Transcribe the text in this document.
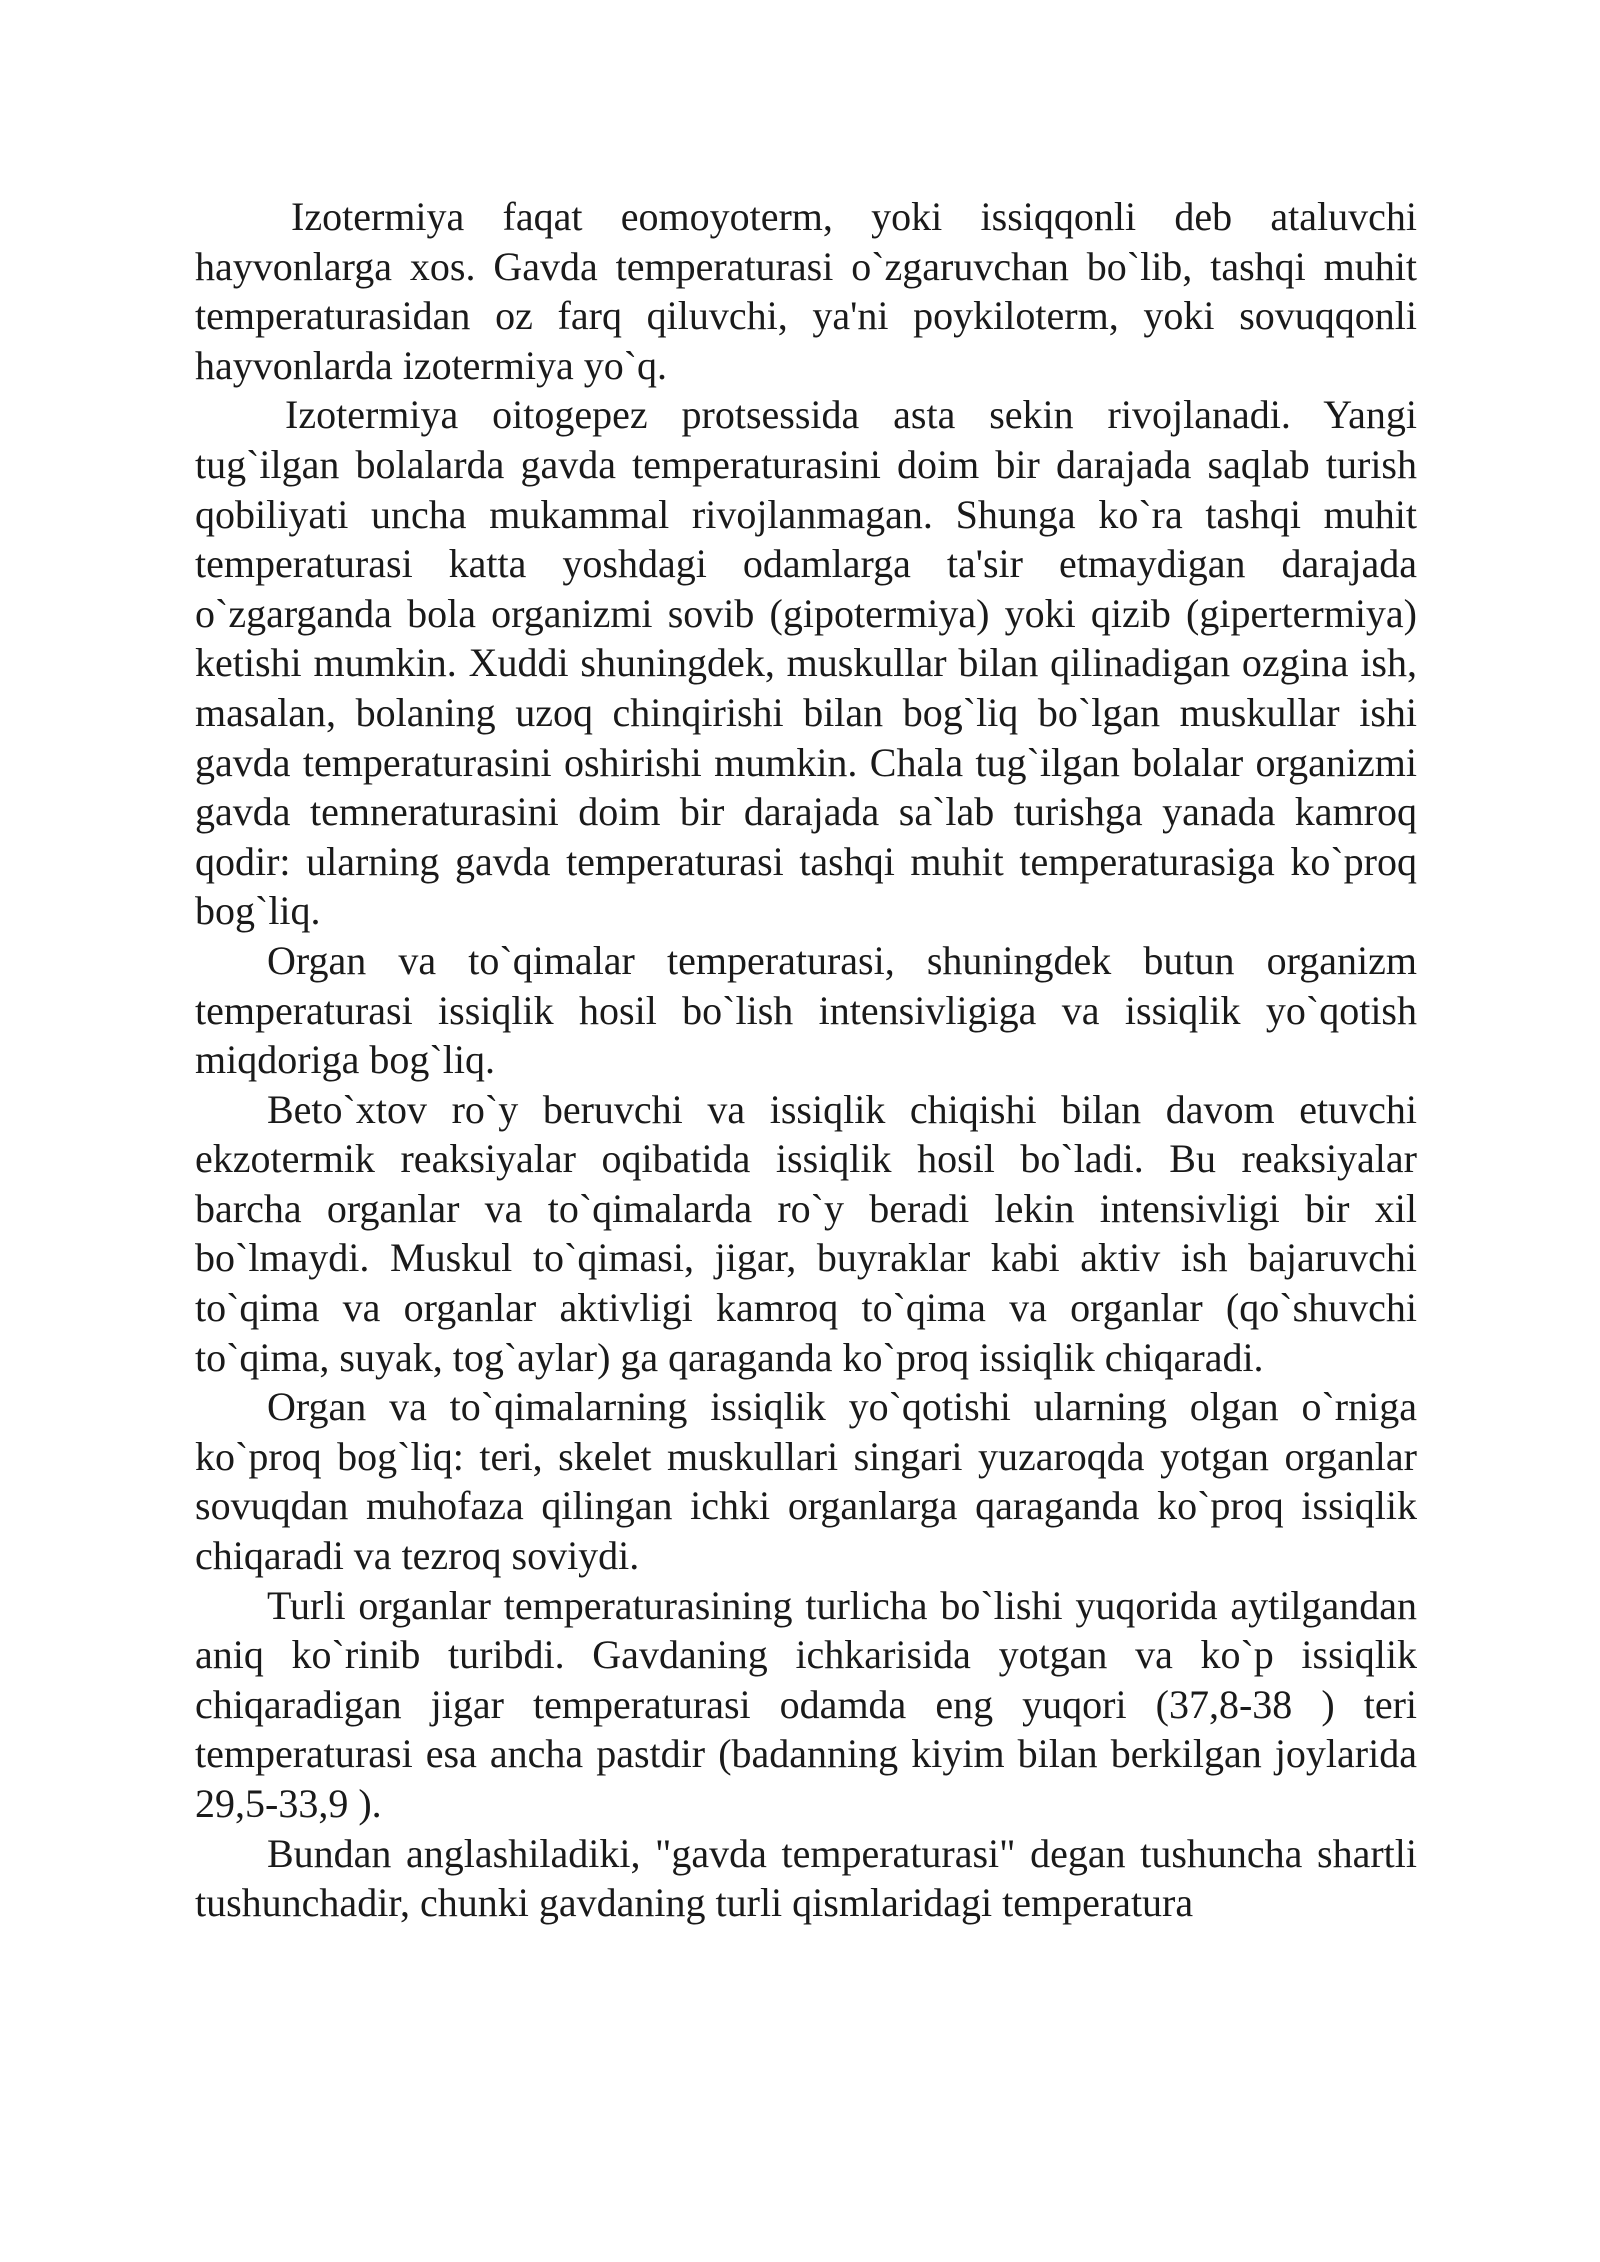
Izotermiya faqat eomoyoterm, yoki issiqqonli deb ataluvchi hayvonlarga xos. Gavda temperaturasi o`zgaruvchan bo`lib, tashqi muhit temperaturasidan oz farq qiluvchi, ya'ni poykiloterm, yoki sovuqqonli hayvonlarda izotermiya yo`q.

Izotermiya oitogepez protsessida asta sekin rivojlanadi. Yangi tug`ilgan bolalarda gavda temperaturasini doim bir darajada saqlab turish qobiliyati uncha mukammal rivojlanmagan. Shunga ko`ra tashqi muhit temperaturasi katta yoshdagi odamlarga ta'sir etmaydigan darajada o`zgarganda bola organizmi sovib (gipotermiya) yoki qizib (gipertermiya) ketishi mumkin. Xuddi shuningdek, muskullar bilan qilinadigan ozgina ish, masalan, bolaning uzoq chinqirishi bilan bog`liq bo`lgan muskullar ishi gavda temperaturasini oshirishi mumkin. Chala tug`ilgan bolalar organizmi gavda temneraturasini doim bir darajada sa`lab turishga yanada kamroq qodir: ularning gavda temperaturasi tashqi muhit temperaturasiga ko`proq bog`liq.

Organ va to`qimalar temperaturasi, shuningdek butun organizm temperaturasi issiqlik hosil bo`lish intensivligiga va issiqlik yo`qotish miqdoriga bog`liq.

Beto`xtov ro`y beruvchi va issiqlik chiqishi bilan davom etuvchi ekzotermik reaksiyalar oqibatida issiqlik hosil bo`ladi. Bu reaksiyalar barcha organlar va to`qimalarda ro`y beradi lekin intensivligi bir xil bo`lmaydi. Muskul to`qimasi, jigar, buyraklar kabi aktiv ish bajaruvchi to`qima va organlar aktivligi kamroq to`qima va organlar (qo`shuvchi to`qima, suyak, tog`aylar) ga qaraganda ko`proq issiqlik chiqaradi.

Organ va to`qimalarning issiqlik yo`qotishi ularning olgan o`rniga ko`proq bog`liq: teri, skelet muskullari singari yuzaroqda yotgan organlar sovuqdan muhofaza qilingan ichki organlarga qaraganda ko`proq issiqlik chiqaradi va tezroq soviydi.

Turli organlar temperaturasining turlicha bo`lishi yuqorida aytilgandan aniq ko`rinib turibdi. Gavdaning ichkarisida yotgan va ko`p issiqlik chiqaradigan jigar temperaturasi odamda eng yuqori (37,8-38 ) teri temperaturasi esa ancha pastdir (badanning kiyim bilan berkilgan joylarida 29,5-33,9 ).

Bundan anglashiladiki, "gavda temperaturasi" degan tushuncha shartli tushunchadir, chunki gavdaning turli qismlaridagi temperatura
